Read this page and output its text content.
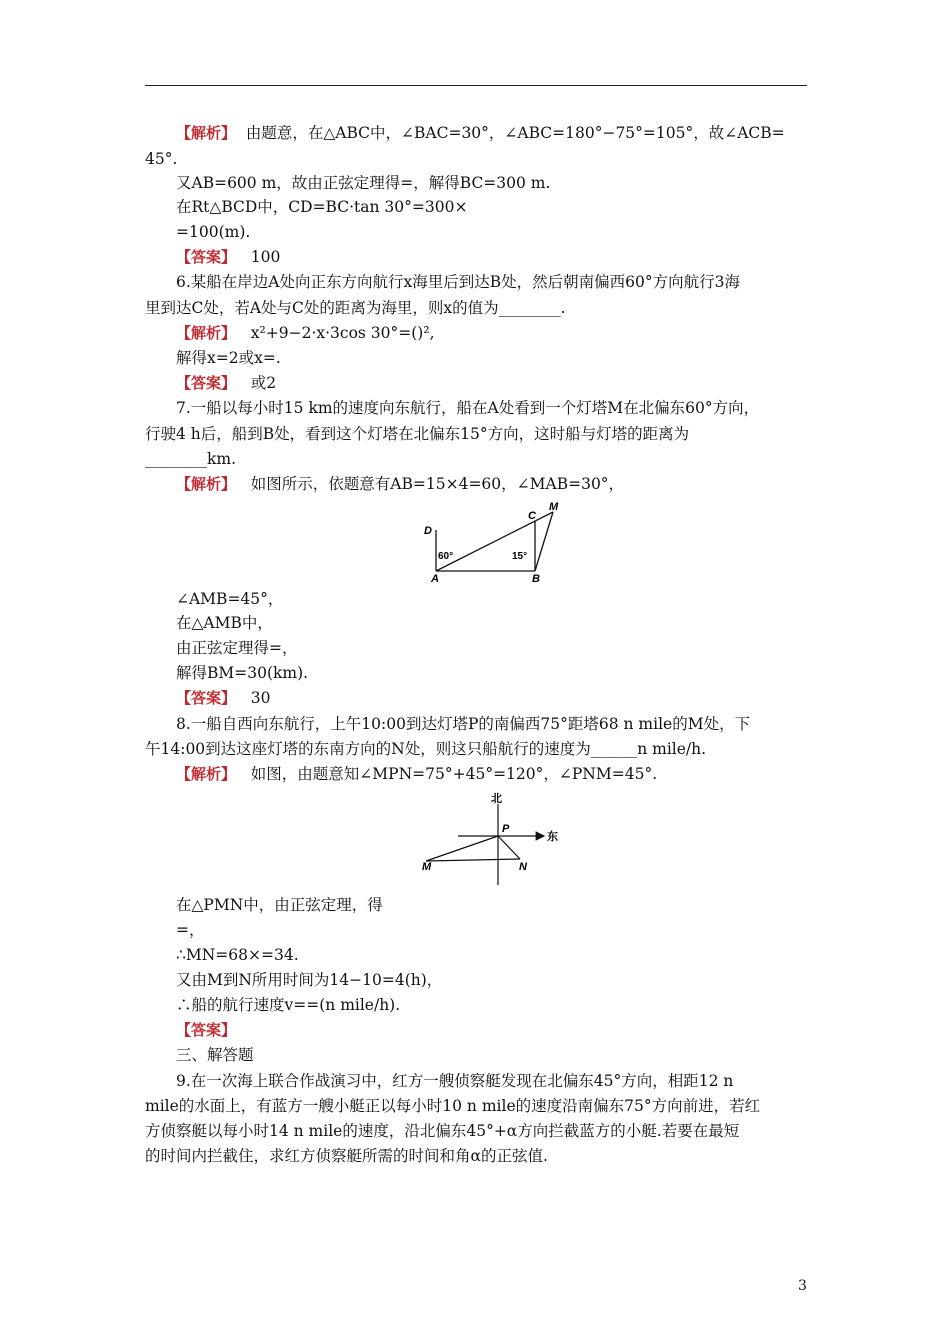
【解析】 由题意，在△ABC中，∠BAC=30°，∠ABC=180°−75°=105°，故∠ACB=
45°.
又AB=600 m，故由正弦定理得=，解得BC=300 m.
在Rt△BCD中，CD=BC·tan 30°=300×
=100(m).
【答案】 100
6.某船在岸边A处向正东方向航行x海里后到达B处，然后朝南偏西60°方向航行3海
里到达C处，若A处与C处的距离为海里，则x的值为________.
【解析】 x²+9−2·x·3cos 30°=()²,
解得x=2或x=.
【答案】 或2
7.一船以每小时15 km的速度向东航行，船在A处看到一个灯塔M在北偏东60°方向，
行驶4 h后，船到B处，看到这个灯塔在北偏东15°方向，这时船与灯塔的距离为
________km.
【解析】 如图所示，依题意有AB=15×4=60，∠MAB=30°，
D
A	B
C
M
60°	15°
∠AMB=45°，
在△AMB中，
由正弦定理得=，
解得BM=30(km).
【答案】 30
8.一船自西向东航行，上午10:00到达灯塔P的南偏西75°距塔68 n mile的M处，下
午14:00到达这座灯塔的东南方向的N处，则这只船航行的速度为______n mile/h.
【解析】 如图，由题意知∠MPN=75°+45°=120°，∠PNM=45°.
北
东
P
M	N
在△PMN中，由正弦定理，得
=，
∴MN=68×=34.
又由M到N所用时间为14−10=4(h)，
∴船的航行速度v==(n mile/h).
【答案】
三、解答题
9.在一次海上联合作战演习中，红方一艘侦察艇发现在北偏东45°方向，相距12 n
mile的水面上，有蓝方一艘小艇正以每小时10 n mile的速度沿南偏东75°方向前进，若红
方侦察艇以每小时14 n mile的速度，沿北偏东45°+α方向拦截蓝方的小艇.若要在最短
的时间内拦截住，求红方侦察艇所需的时间和角α的正弦值.
3
